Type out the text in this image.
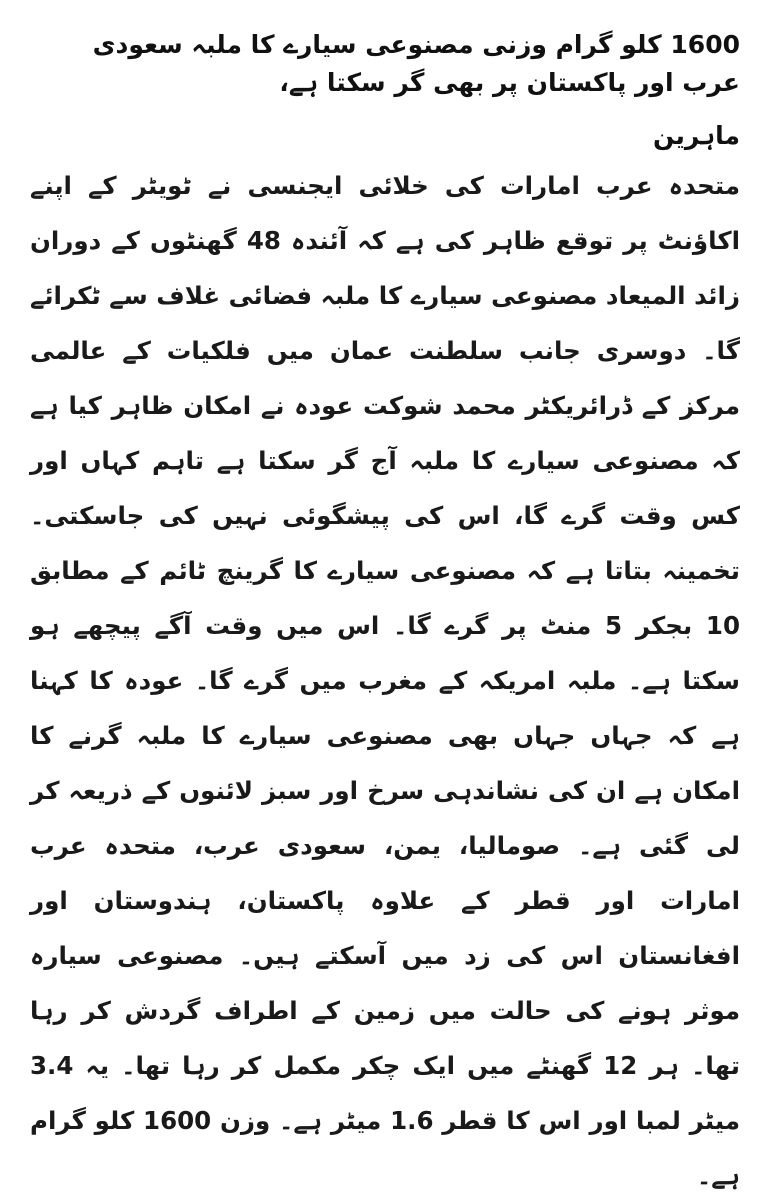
1600 کلو گرام وزنی مصنوعی سیارے کا ملبہ سعودی عرب اور پاکستان پر بھی گر سکتا ہے،
ماہرین

متحدہ عرب امارات کی خلائی ایجنسی نے ٹویٹر کے اپنے اکاؤنٹ پر توقع ظاہر کی ہے کہ آئندہ 48 گھنٹوں کے دوران زائد المیعاد مصنوعی سیارے کا ملبہ فضائی غلاف سے ٹکرائے گا۔ دوسری جانب سلطنت عمان میں فلکیات کے عالمی مرکز کے ڈرائریکٹر محمد شوکت عودہ نے امکان ظاہر کیا ہے کہ مصنوعی سیارے کا ملبہ آج گر سکتا ہے تاہم کہاں اور کس وقت گرے گا، اس کی پیشگوئی نہیں کی جاسکتی۔ تخمینہ بتاتا ہے کہ مصنوعی سیارے کا گرینچ ٹائم کے مطابق 10 بجکر 5 منٹ پر گرے گا۔ اس میں وقت آگے پیچھے ہو سکتا ہے۔ ملبہ امریکہ کے مغرب میں گرے گا۔ عودہ کا کہنا ہے کہ جہاں جہاں بھی مصنوعی سیارے کا ملبہ گرنے کا امکان ہے ان کی نشاندہی سرخ اور سبز لائنوں کے ذریعہ کر لی گئی ہے۔ صومالیا، یمن، سعودی عرب، متحدہ عرب امارات اور قطر کے علاوہ پاکستان، ہندوستان اور افغانستان اس کی زد میں آسکتے ہیں۔ مصنوعی سیارہ موثر ہونے کی حالت میں زمین کے اطراف گردش کر رہا تھا۔ ہر 12 گھنٹے میں ایک چکر مکمل کر رہا تھا۔ یہ 3.4 میٹر لمبا اور اس کا قطر 1.6 میٹر ہے۔ وزن 1600 کلو گرام ہے۔
